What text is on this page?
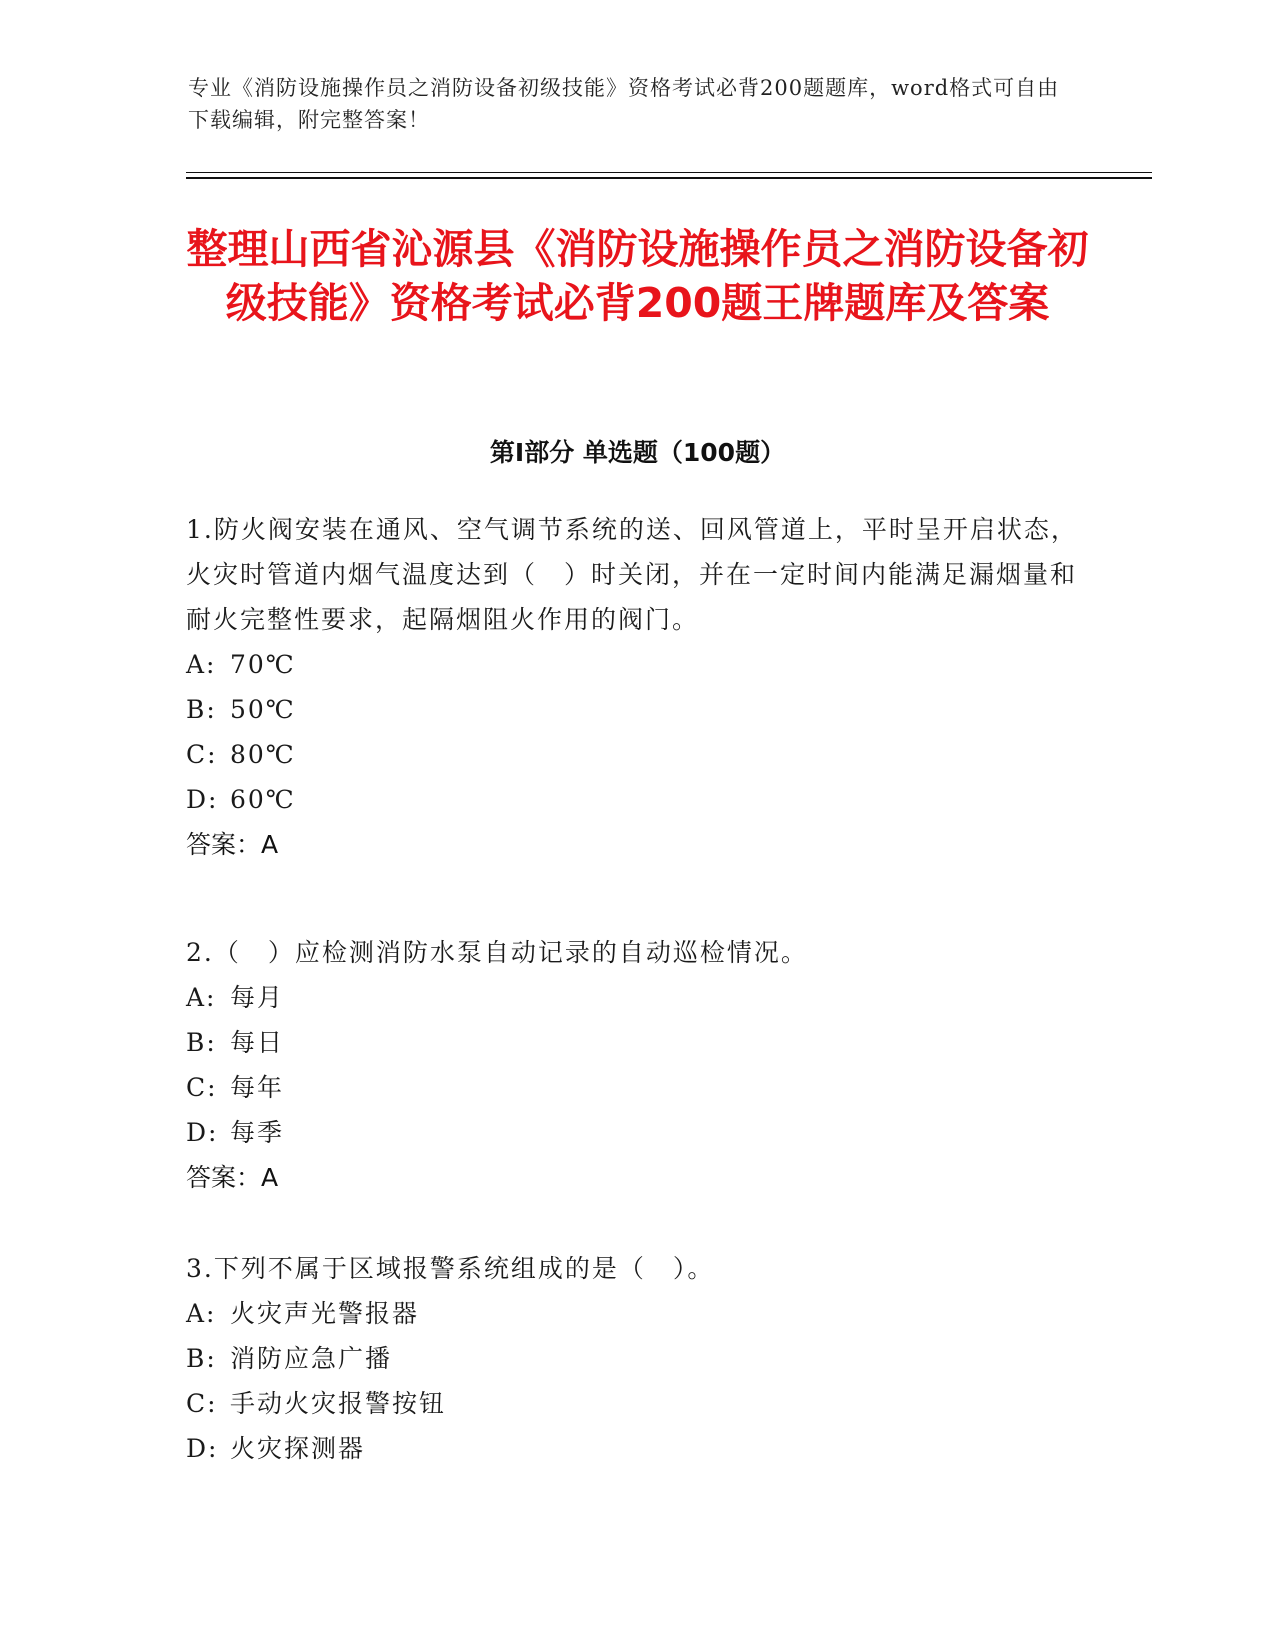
专业《消防设施操作员之消防设备初级技能》资格考试必背200题题库，word格式可自由下载编辑，附完整答案！
整理山西省沁源县《消防设施操作员之消防设备初级技能》资格考试必背200题王牌题库及答案
第I部分 单选题（100题）
1.防火阀安装在通风、空气调节系统的送、回风管道上，平时呈开启状态，火灾时管道内烟气温度达到（　）时关闭，并在一定时间内能满足漏烟量和耐火完整性要求，起隔烟阻火作用的阀门。
A: 70℃
B: 50℃
C: 80℃
D: 60℃
答案：A
2.（　）应检测消防水泵自动记录的自动巡检情况。
A: 每月
B: 每日
C: 每年
D: 每季
答案：A
3.下列不属于区域报警系统组成的是（　）。
A: 火灾声光警报器
B: 消防应急广播
C: 手动火灾报警按钮
D: 火灾探测器
